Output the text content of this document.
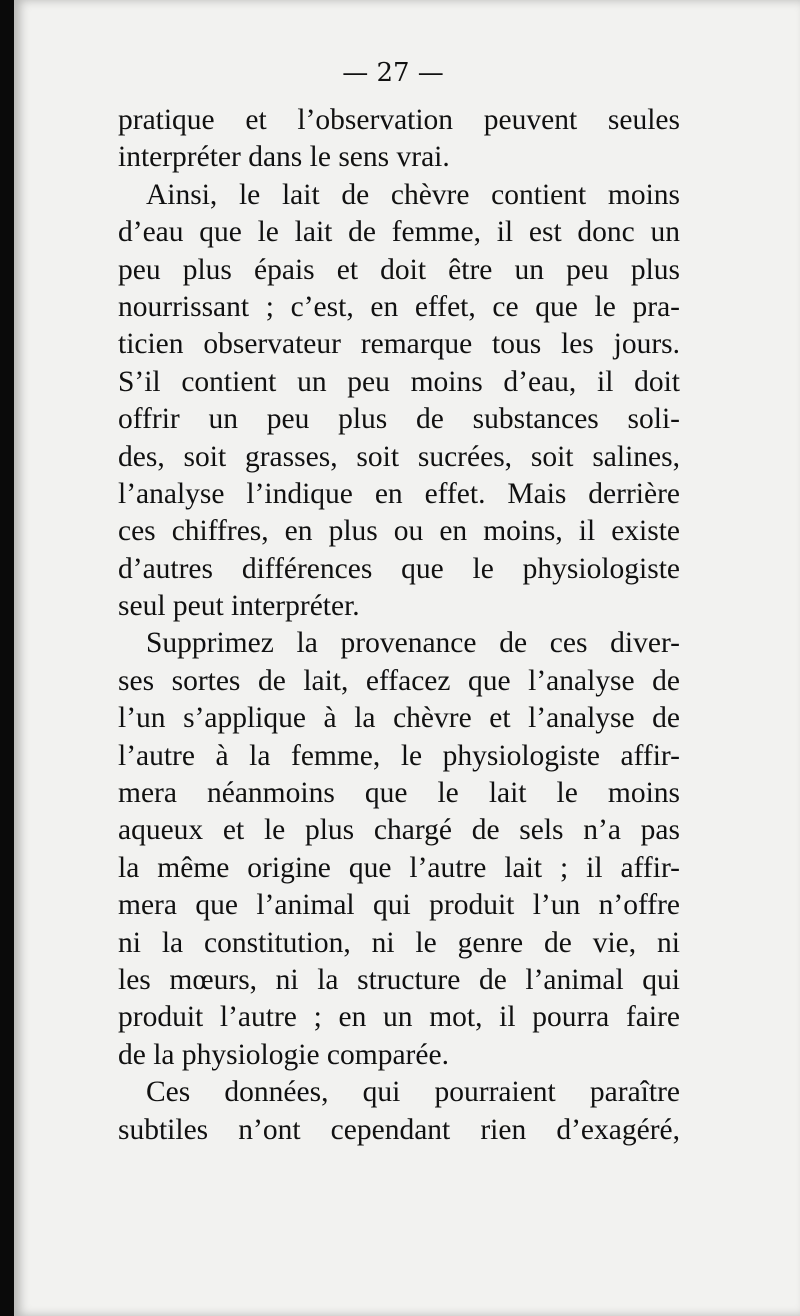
— 27 —
pratique et l’observation peuvent seules
interpréter dans le sens vrai.
Ainsi, le lait de chèvre contient moins
d’eau que le lait de femme, il est donc un
peu plus épais et doit être un peu plus
nourrissant ; c’est, en effet, ce que le pra-
ticien observateur remarque tous les jours.
S’il contient un peu moins d’eau, il doit
offrir un peu plus de substances soli-
des, soit grasses, soit sucrées, soit salines,
l’analyse l’indique en effet. Mais derrière
ces chiffres, en plus ou en moins, il existe
d’autres différences que le physiologiste
seul peut interpréter.
Supprimez la provenance de ces diver-
ses sortes de lait, effacez que l’analyse de
l’un s’applique à la chèvre et l’analyse de
l’autre à la femme, le physiologiste affir-
mera néanmoins que le lait le moins
aqueux et le plus chargé de sels n’a pas
la même origine que l’autre lait ; il affir-
mera que l’animal qui produit l’un n’offre
ni la constitution, ni le genre de vie, ni
les mœurs, ni la structure de l’animal qui
produit l’autre ; en un mot, il pourra faire
de la physiologie comparée.
Ces données, qui pourraient paraître
subtiles n’ont cependant rien d’exagéré,
